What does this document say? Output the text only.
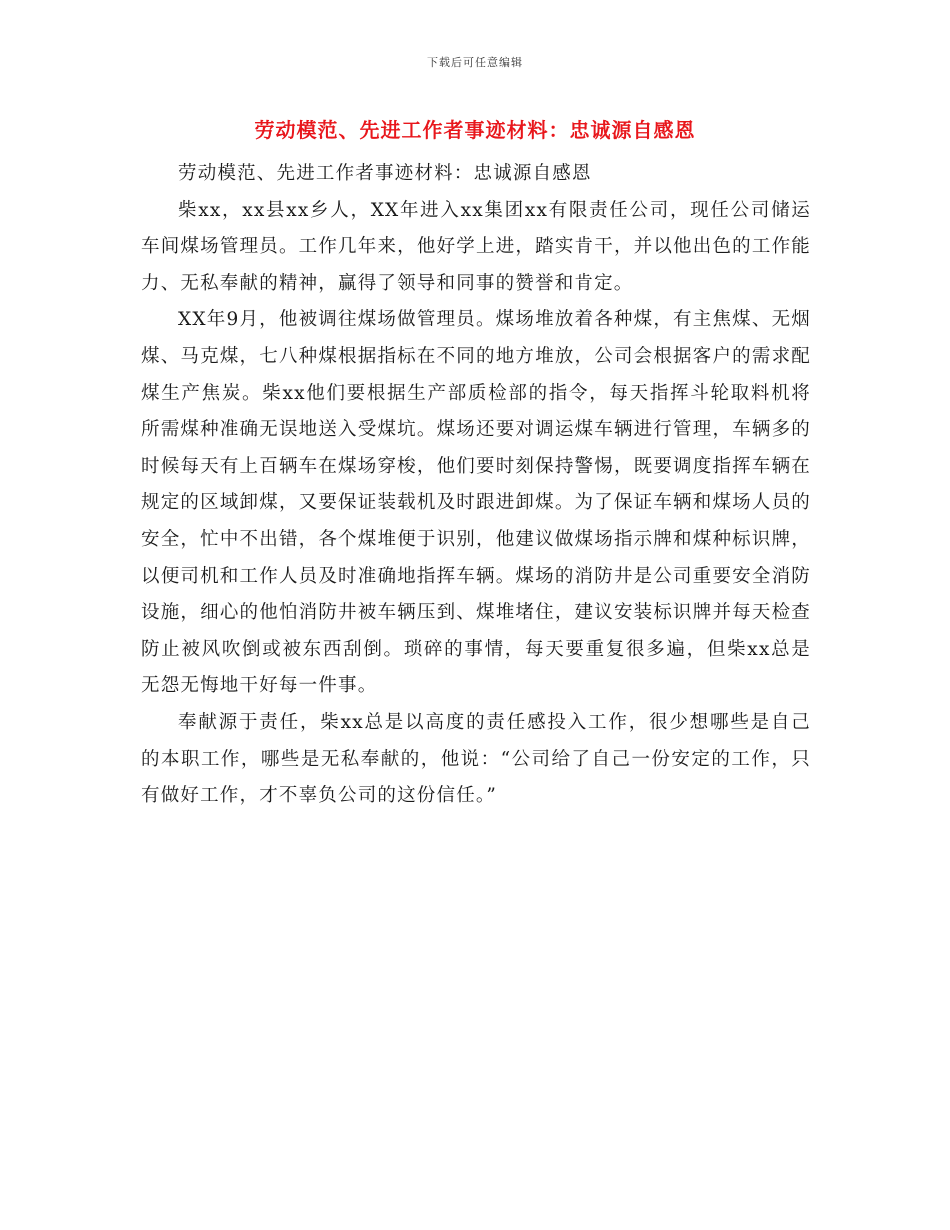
下载后可任意编辑
劳动模范、先进工作者事迹材料：忠诚源自感恩

劳动模范、先进工作者事迹材料：忠诚源自感恩

柴xx，xx县xx乡人，XX年进入xx集团xx有限责任公司，现任公司储运车间煤场管理员。工作几年来，他好学上进，踏实肯干，并以他出色的工作能力、无私奉献的精神，赢得了领导和同事的赞誉和肯定。

XX年9月，他被调往煤场做管理员。煤场堆放着各种煤，有主焦煤、无烟煤、马克煤，七八种煤根据指标在不同的地方堆放，公司会根据客户的需求配煤生产焦炭。柴xx他们要根据生产部质检部的指令，每天指挥斗轮取料机将所需煤种准确无误地送入受煤坑。煤场还要对调运煤车辆进行管理，车辆多的时候每天有上百辆车在煤场穿梭，他们要时刻保持警惕，既要调度指挥车辆在规定的区域卸煤，又要保证装载机及时跟进卸煤。为了保证车辆和煤场人员的安全，忙中不出错，各个煤堆便于识别，他建议做煤场指示牌和煤种标识牌，以便司机和工作人员及时准确地指挥车辆。煤场的消防井是公司重要安全消防设施，细心的他怕消防井被车辆压到、煤堆堵住，建议安装标识牌并每天检查防止被风吹倒或被东西刮倒。琐碎的事情，每天要重复很多遍，但柴xx总是无怨无悔地干好每一件事。

奉献源于责任，柴xx总是以高度的责任感投入工作，很少想哪些是自己的本职工作，哪些是无私奉献的，他说：“公司给了自己一份安定的工作，只有做好工作，才不辜负公司的这份信任。”
